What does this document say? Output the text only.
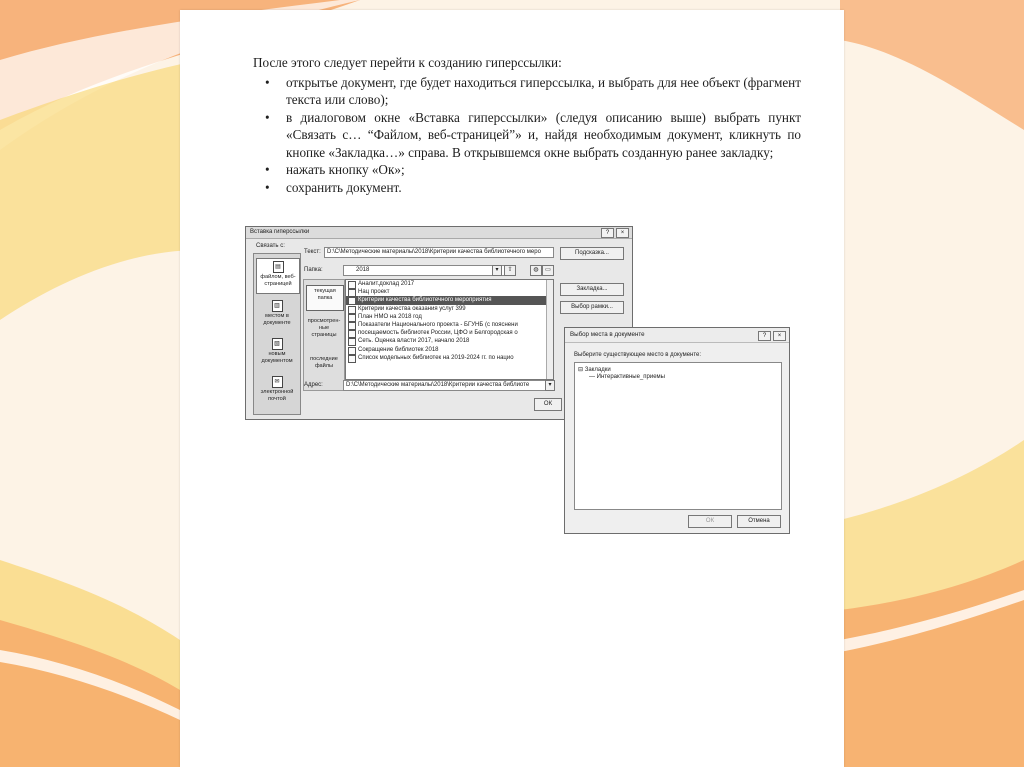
После этого следует перейти к созданию гиперссылки:

• открытье документ, где будет находиться гиперссылка, и выбрать для нее объект (фрагмент текста или слово);
• в диалоговом окне «Вставка гиперссылки» (следуя описанию выше) выбрать пункт «Связать с… “Файлом, веб-страницей”» и, найдя необходимым документ, кликнуть по кнопке «Закладка…» справа. В открывшемся окне выбрать созданную ранее закладку;
• нажать кнопку «Ок»;
• сохранить документ.
Вставка гиперссылки	?	×
Связать с:
▤
файлом, веб-страницей
▥
местом в документе
▧
новым документом
✉
электронной почтой
Текст:	D:\С\Методические материалы\2018\Критерии качества библиотечного меро	Подсказка...
Папка:	2018	▾	⇧	◍	▭
текущая папка
просмотрен-ные страницы
последние файлы
Аналит.доклад 2017
Нац проект
Критерии качества библиотечного мероприятия
Критерии качества оказания услуг 399
План НМО на 2018 год
Показатели Национального проекта - БГУНБ (с пояснени
посещаемость библиотек России, ЦФО и Белгородская о
Сеть. Оценка власти 2017, начало 2018
Сокращение библиотек 2018
Список модельных библиотек на 2019-2024 гг. по нацио
Закладка...
Выбор рамки...
Адрес:	D:\С\Методические материалы\2018\Критерии качества библиоте	▾
ОК
Выбор места в документе	?	×
Выберите существующее место в документе:
⊟ Закладки
— Интерактивные_приемы
ОК	Отмена
